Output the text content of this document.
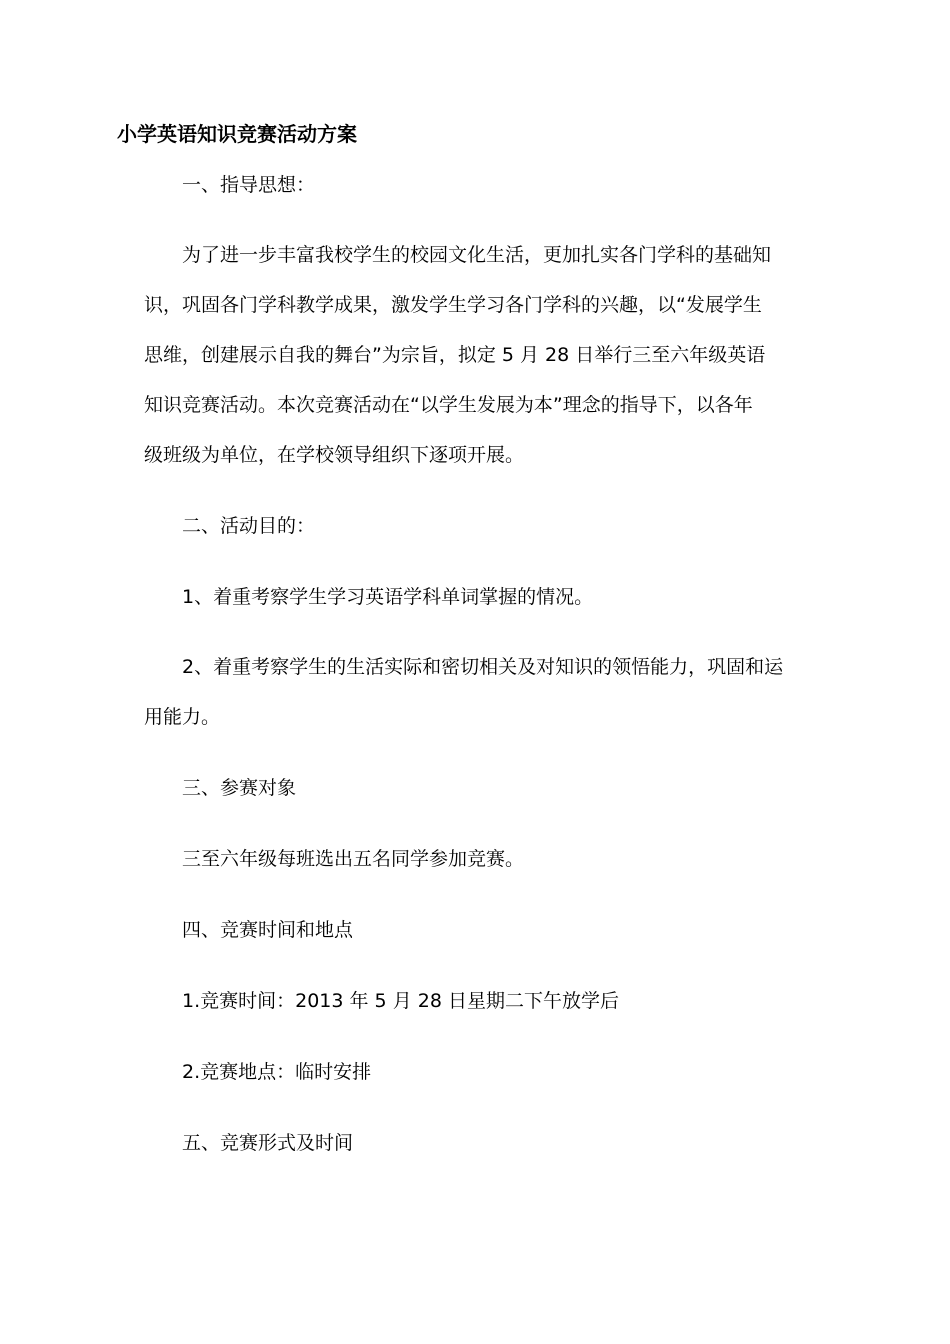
小学英语知识竞赛活动方案
一、指导思想：
为了进一步丰富我校学生的校园文化生活，更加扎实各门学科的基础知
识，巩固各门学科教学成果，激发学生学习各门学科的兴趣，以“发展学生
思维，创建展示自我的舞台”为宗旨，拟定 5 月 28 日举行三至六年级英语
知识竞赛活动。本次竞赛活动在“以学生发展为本”理念的指导下，以各年
级班级为单位，在学校领导组织下逐项开展。
二、活动目的：
1、着重考察学生学习英语学科单词掌握的情况。
2、着重考察学生的生活实际和密切相关及对知识的领悟能力，巩固和运
用能力。
三、参赛对象
三至六年级每班选出五名同学参加竞赛。
四、竞赛时间和地点
1.竞赛时间：2013 年 5 月 28 日星期二下午放学后
2.竞赛地点：临时安排
五、竞赛形式及时间
